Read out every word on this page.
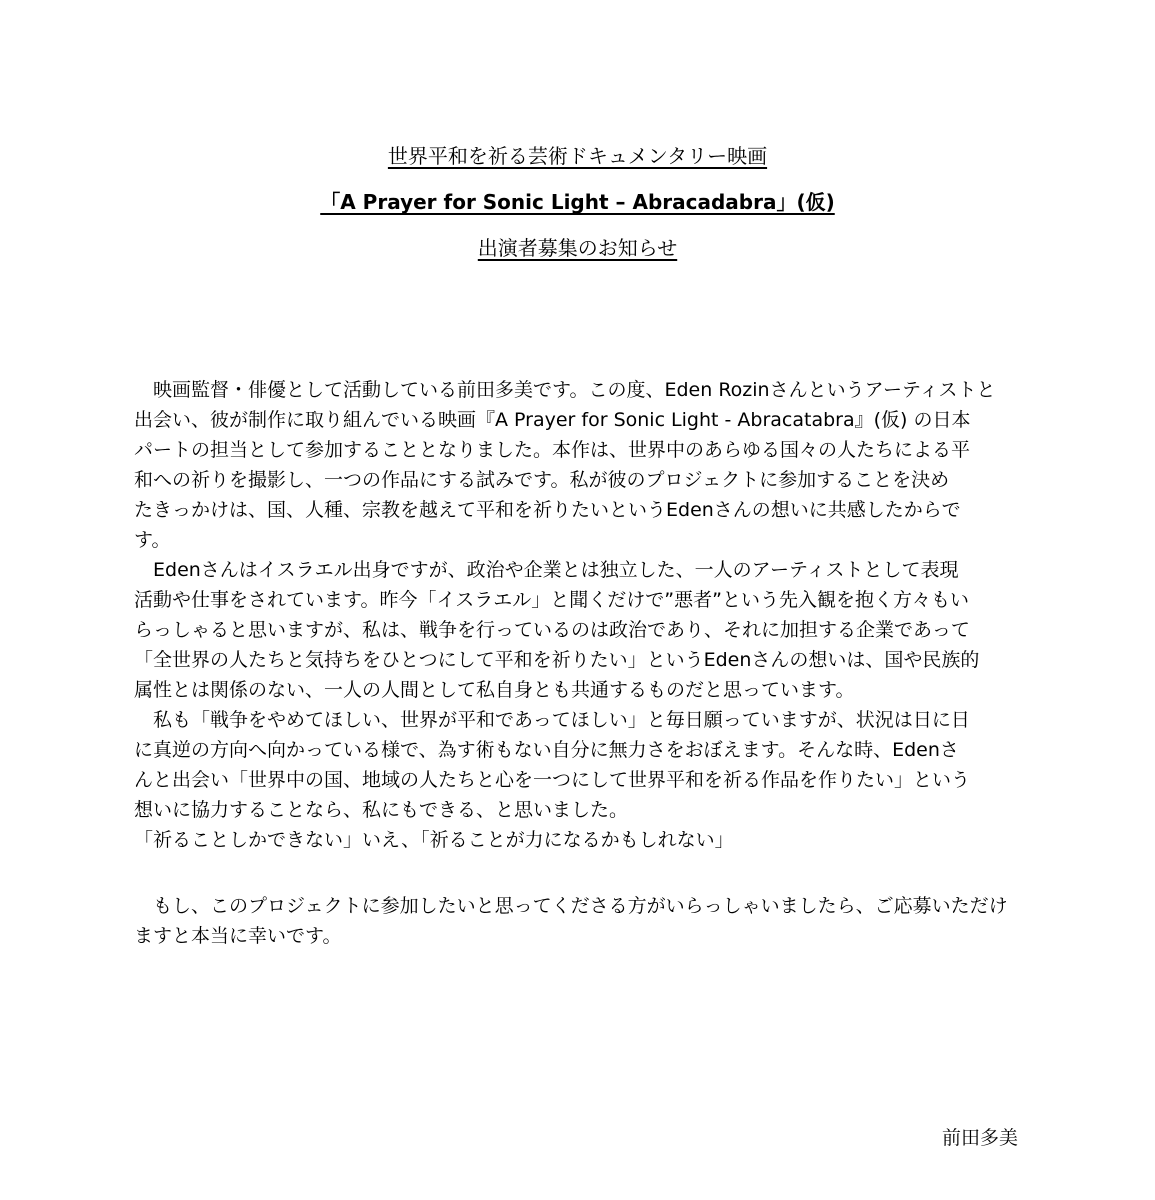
世界平和を祈る芸術ドキュメンタリー映画
「A Prayer for Sonic Light – Abracadabra」(仮)
出演者募集のお知らせ
　映画監督・俳優として活動している前田多美です。この度、Eden Rozinさんというアーティストと
出会い、彼が制作に取り組んでいる映画『A Prayer for Sonic Light - Abracatabra』(仮) の日本
パートの担当として参加することとなりました。本作は、世界中のあらゆる国々の人たちによる平
和への祈りを撮影し、一つの作品にする試みです。私が彼のプロジェクトに参加することを決め
たきっかけは、国、人種、宗教を越えて平和を祈りたいというEdenさんの想いに共感したからで
す。
　Edenさんはイスラエル出身ですが、政治や企業とは独立した、一人のアーティストとして表現
活動や仕事をされています。昨今「イスラエル」と聞くだけで”悪者”という先入観を抱く方々もい
らっしゃると思いますが、私は、戦争を行っているのは政治であり、それに加担する企業であって
「全世界の人たちと気持ちをひとつにして平和を祈りたい」というEdenさんの想いは、国や民族的
属性とは関係のない、一人の人間として私自身とも共通するものだと思っています。
　私も「戦争をやめてほしい、世界が平和であってほしい」と毎日願っていますが、状況は日に日
に真逆の方向へ向かっている様で、為す術もない自分に無力さをおぼえます。そんな時、Edenさ
んと出会い「世界中の国、地域の人たちと心を一つにして世界平和を祈る作品を作りたい」という
想いに協力することなら、私にもできる、と思いました。
「祈ることしかできない」いえ、「祈ることが力になるかもしれない」
　もし、このプロジェクトに参加したいと思ってくださる方がいらっしゃいましたら、ご応募いただけ
ますと本当に幸いです。
前田多美
